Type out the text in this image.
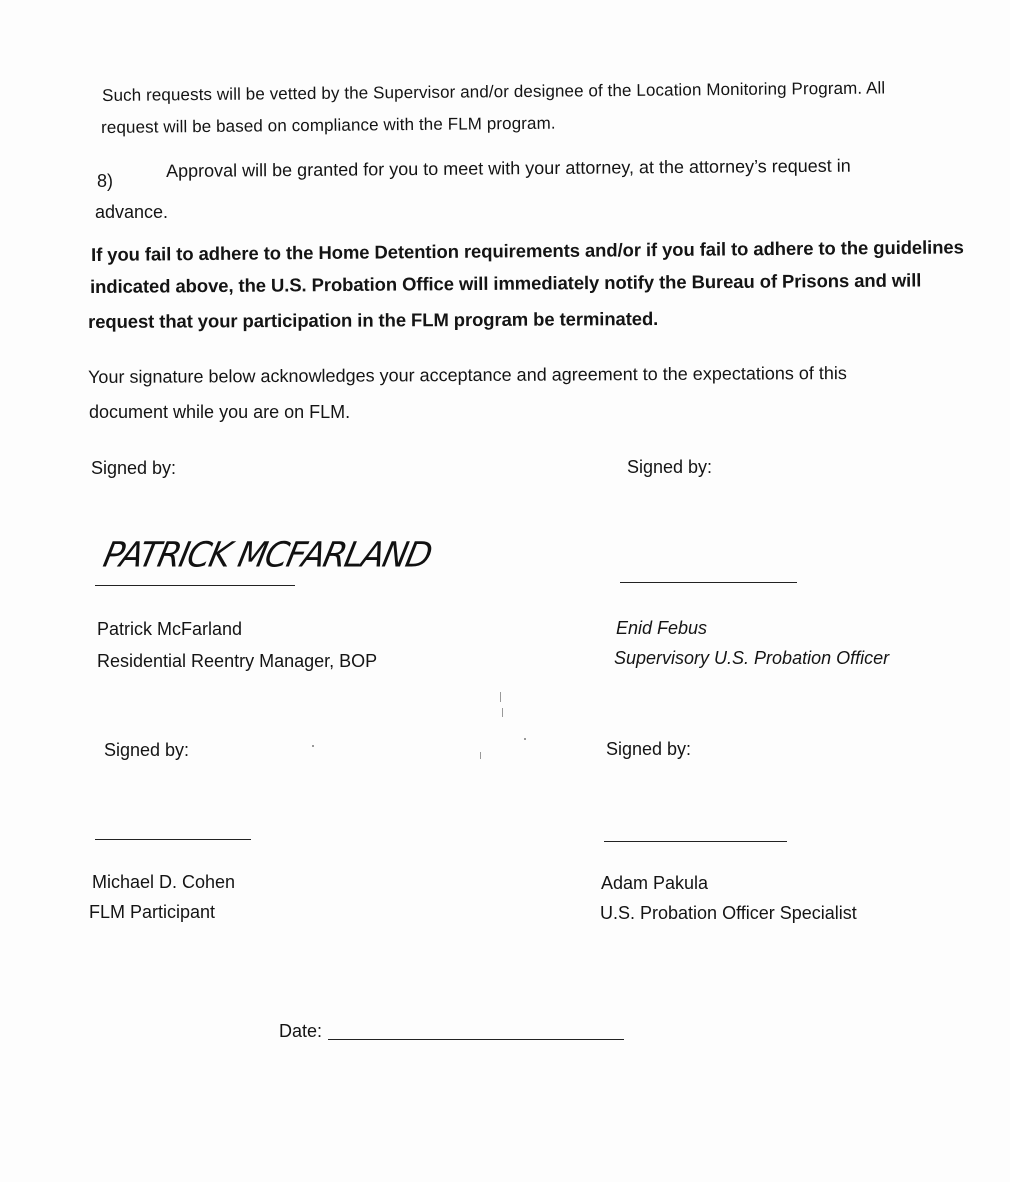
Such requests will be vetted by the Supervisor and/or designee of the Location Monitoring Program. All
request will be based on compliance with the FLM program.
8)
Approval will be granted for you to meet with your attorney, at the attorney’s request in
advance.
If you fail to adhere to the Home Detention requirements and/or if you fail to adhere to the guidelines
indicated above, the U.S. Probation Office will immediately notify the Bureau of Prisons and will
request that your participation in the FLM program be terminated.
Your signature below acknowledges your acceptance and agreement to the expectations of this
document while you are on FLM.
Signed by:
PATRICK MCFARLAND
Patrick McFarland
Residential Reentry Manager, BOP
Signed by:
Enid Febus
Supervisory U.S. Probation Officer
Signed by:
Michael D. Cohen
FLM Participant
Signed by:
Adam Pakula
U.S. Probation Officer Specialist
Date:
